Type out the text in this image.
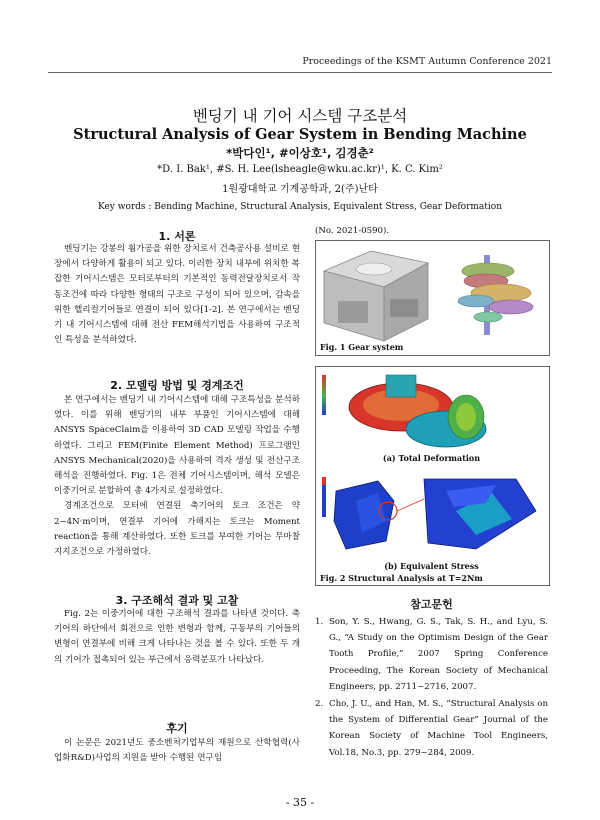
Proceedings of the KSMT Autumn Conference 2021
벤딩기 내 기어 시스템 구조분석
Structural Analysis of Gear System in Bending Machine
*박다인¹, #이상호¹, 김경춘²
*D. I. Bak¹, #S. H. Lee(lsheagle@wku.ac.kr)¹, K. C. Kim²
1원광대학교 기계공학과, 2(주)난타
Key words : Bending Machine, Structural Analysis, Equivalent Stress, Gear Deformation
1. 서론

벤딩기는 강봉의 휨가공을 위한 장치로서 건축공사용 설비로 현장에서 다양하게 활용이 되고 있다. 이러한 장치 내부에 위치한 복잡한 기어시스템은 모터로부터의 기본적인 동력전달장치로서 작동조건에 따라 다양한 형태의 구조로 구성이 되어 있으며, 감속을 위한 헬리컬기어들로 연결이 되어 있다[1-2]. 본 연구에서는 벤딩기 내 기어시스템에 대해 전산 FEM해석기법을 사용하여 구조적인 특성을 분석하였다.

2. 모델링 방법 및 경계조건

본 연구에서는 벤딩기 내 기어시스템에 대해 구조특성을 분석하였다. 이를 위해 벤딩기의 내부 부품인 기어시스템에 대해 ANSYS SpaceClaim을 이용하여 3D CAD 모델링 작업을 수행하였다. 그리고 FEM(Finite Element Method) 프로그램인 ANSYS Mechanical(2020)을 사용하여 격자 생성 및 전산구조해석을 진행하였다. Fig. 1은 전체 기어시스템이며, 해석 모델은 이중기어로 분할하여 총 4가지로 설정하였다.

경계조건으로 모터에 연결된 축기어의 토크 조건은 약 2~4N·m이며, 연결부 기어에 가해지는 토크는 Moment reaction을 통해 계산하였다. 또한 토크를 부여한 기어는 무마찰지지조건으로 가정하였다.

3. 구조해석 결과 및 고찰

Fig. 2는 이중기어에 대한 구조해석 결과를 나타낸 것이다. 축 기어의 하단에서 회전으로 인한 변형과 함께, 구동부의 기어들의 변형이 연결부에 비해 크게 나타나는 것을 볼 수 있다. 또한 두 개의 기어가 접촉되어 있는 부근에서 응력분포가 나타났다.

후기

이 논문은 2021년도 중소벤처기업부의 재원으로 산학협력(사업화R&D)사업의 지원을 받아 수행된 연구임

(No. 2021-0590).
Fig. 1 Gear system
(a) Total Deformation
(b) Equivalent Stress
Fig. 2 Structural Analysis at T=2Nm
참고문헌
1. Son, Y. S., Hwang, G. S., Tak, S. H., and Lyu, S. G., “A Study on the Optimism Design of the Gear Tooth Profile,” 2007 Spring Conference Proceeding, The Korean Society of Mechanical Engineers, pp. 2711~2716, 2007.
2. Cho, J. U., and Han, M. S., “Structural Analysis on the System of Differential Gear” Journal of the Korean Society of Machine Tool Engineers, Vol.18, No.3, pp. 279~284, 2009.
- 35 -
